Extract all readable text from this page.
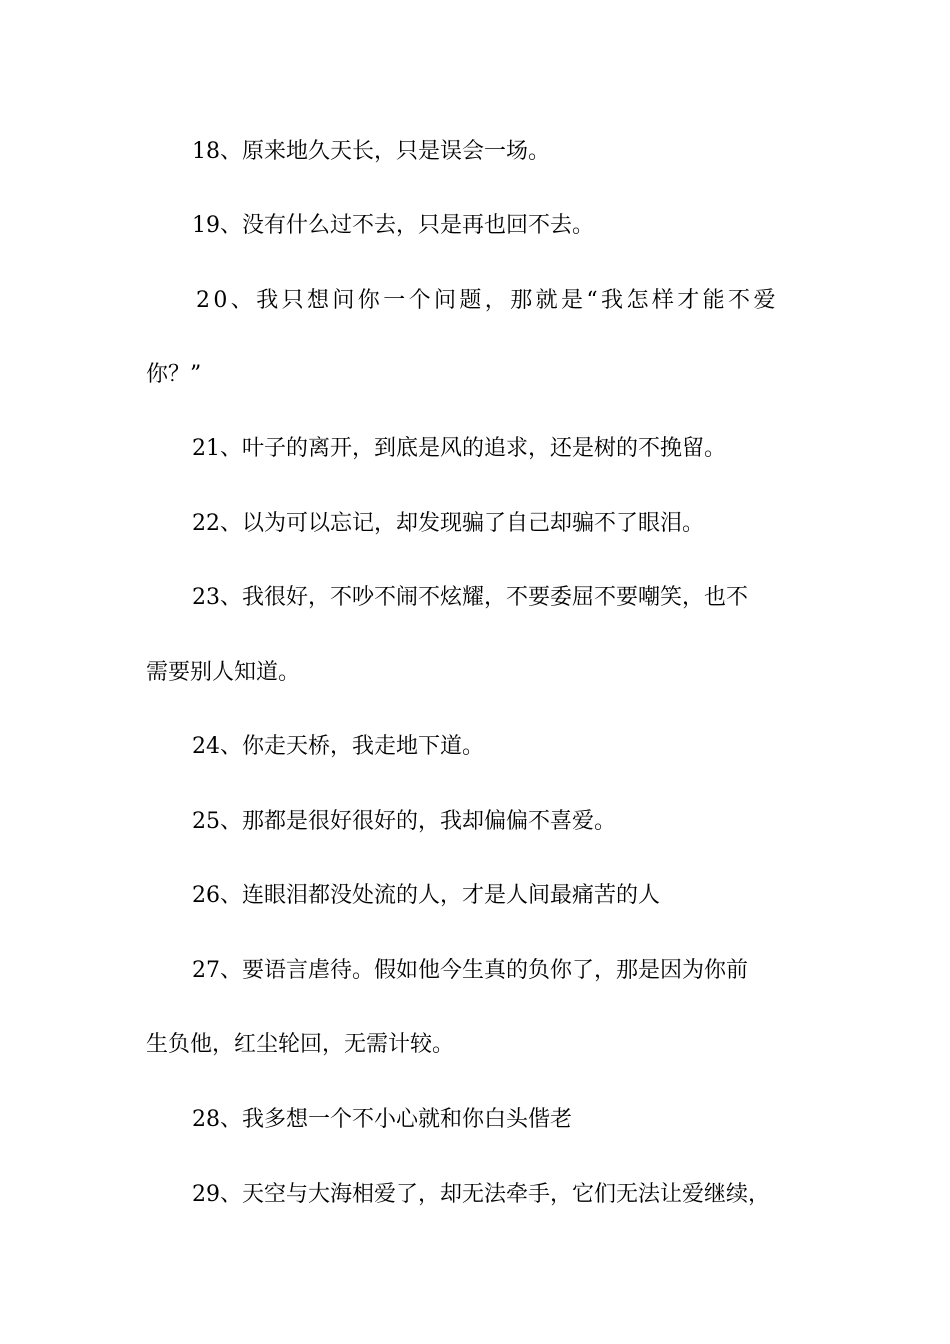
18、原来地久天长，只是误会一场。

19、没有什么过不去，只是再也回不去。

20、我只想问你一个问题，那就是“我怎样才能不爱

你？”

21、叶子的离开，到底是风的追求，还是树的不挽留。

22、以为可以忘记，却发现骗了自己却骗不了眼泪。

23、我很好，不吵不闹不炫耀，不要委屈不要嘲笑，也不

需要别人知道。

24、你走天桥，我走地下道。

25、那都是很好很好的，我却偏偏不喜爱。

26、连眼泪都没处流的人，才是人间最痛苦的人

27、要语言虐待。假如他今生真的负你了，那是因为你前

生负他，红尘轮回，无需计较。

28、我多想一个不小心就和你白头偕老

29、天空与大海相爱了，却无法牵手，它们无法让爱继续，
